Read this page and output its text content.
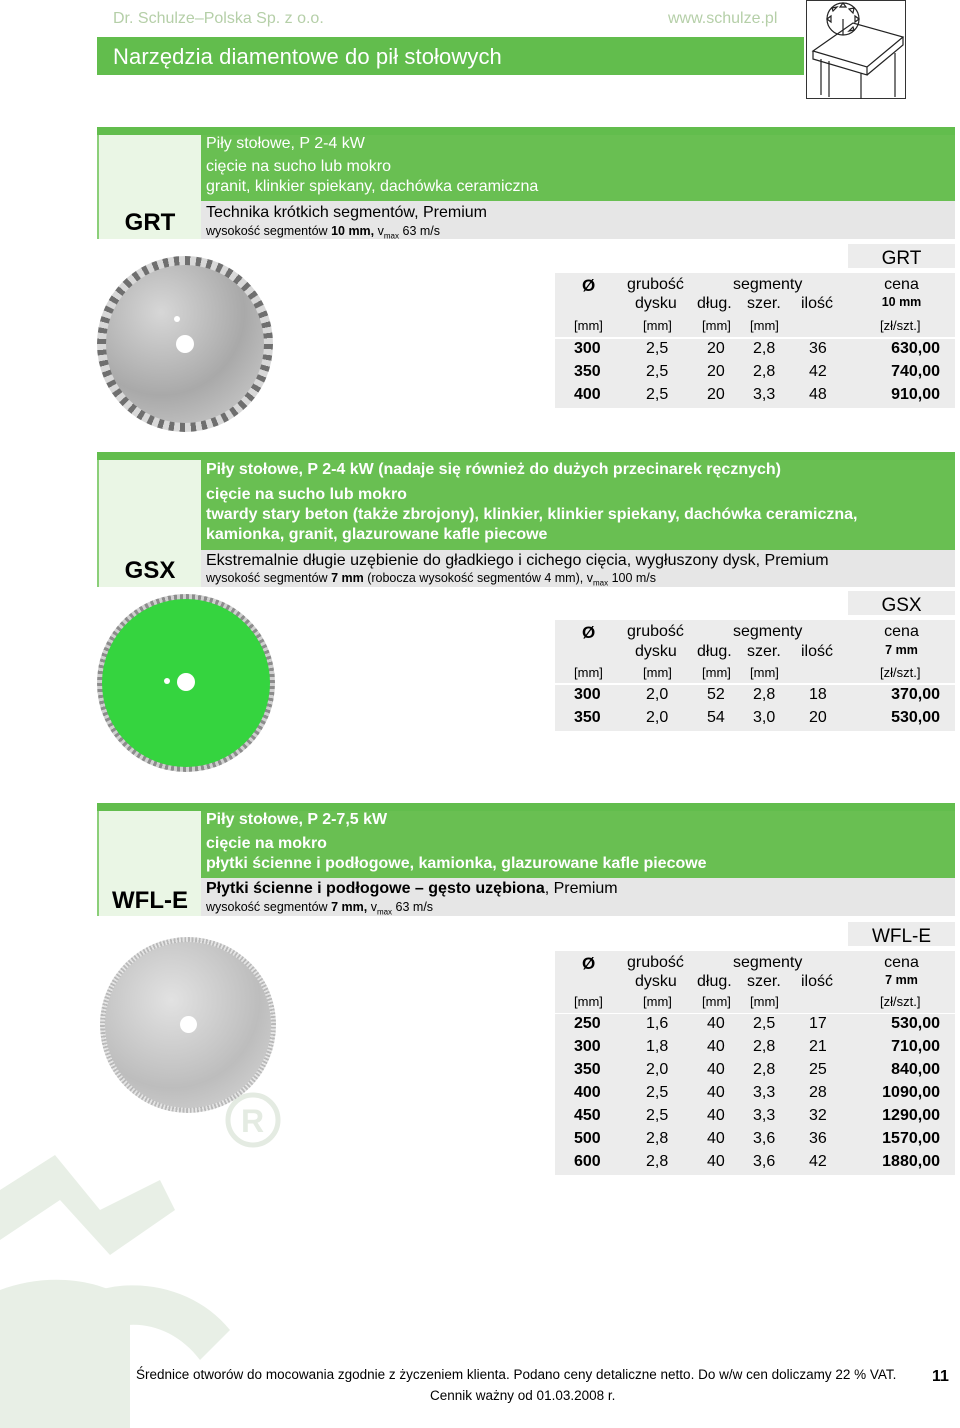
Dr. Schulze–Polska Sp. z o.o.	www.schulze.pl
Narzędzia diamentowe do pił stołowych
GRT
Piły stołowe, P 2-4 kW
cięcie na sucho lub mokro
granit, klinkier spiekany, dachówka ceramiczna
Technika krótkich segmentów, Premium
wysokość segmentów 10 mm, $v_{max}$ 63 m/s
GRT
Ø grubość
dysku
segmenty
dług. szer. ilość
cena
10 mm
[mm]	[mm] [mm] [mm]	[zł/szt.]
300	2,5 20 2,8 36	630,00
350	2,5 20 2,8 42	740,00
400	2,5 20 3,3 48	910,00
GSX
Piły stołowe, P 2-4 kW (nadaje się również do dużych przecinarek ręcznych)
cięcie na sucho lub mokro
twardy stary beton (także zbrojony), klinkier, klinkier spiekany, dachówka ceramiczna,
kamionka, granit, glazurowane kafle piecowe
Ekstremalnie długie uzębienie do gładkiego i cichego cięcia, wygłuszony dysk, Premium
wysokość segmentów 7 mm (robocza wysokość segmentów 4 mm), $v_{max}$ 100 m/s
GSX
Ø grubość
dysku
segmenty
dług. szer. ilość
cena
7 mm
[mm]	[mm] [mm] [mm]	[zł/szt.]
300	2,0 52 2,8 18	370,00
350	2,0 54 3,0 20	530,00
R
WFL-E
Piły stołowe, P 2-7,5 kW
cięcie na mokro
płytki ścienne i podłogowe, kamionka, glazurowane kafle piecowe
Płytki ścienne i podłogowe – gęsto uzębiona, Premium
wysokość segmentów 7 mm, $v_{max}$ 63 m/s
WFL-E
Ø grubość
dysku
segmenty
dług. szer. ilość
cena
7 mm
[mm]	[mm] [mm] [mm]	[zł/szt.]
250	1,6 40 2,5 17	530,00
300	1,8 40 2,8 21	710,00
350	2,0 40 2,8 25	840,00
400	2,5 40 3,3 28	1090,00
450	2,5 40 3,3 32	1290,00
500	2,8 40 3,6 36	1570,00
600	2,8 40 3,6 42	1880,00
Średnice otworów do mocowania zgodnie z życzeniem klienta. Podano ceny detaliczne netto. Do w/w cen doliczamy 22 % VAT.
Cennik ważny od 01.03.2008 r.
11
